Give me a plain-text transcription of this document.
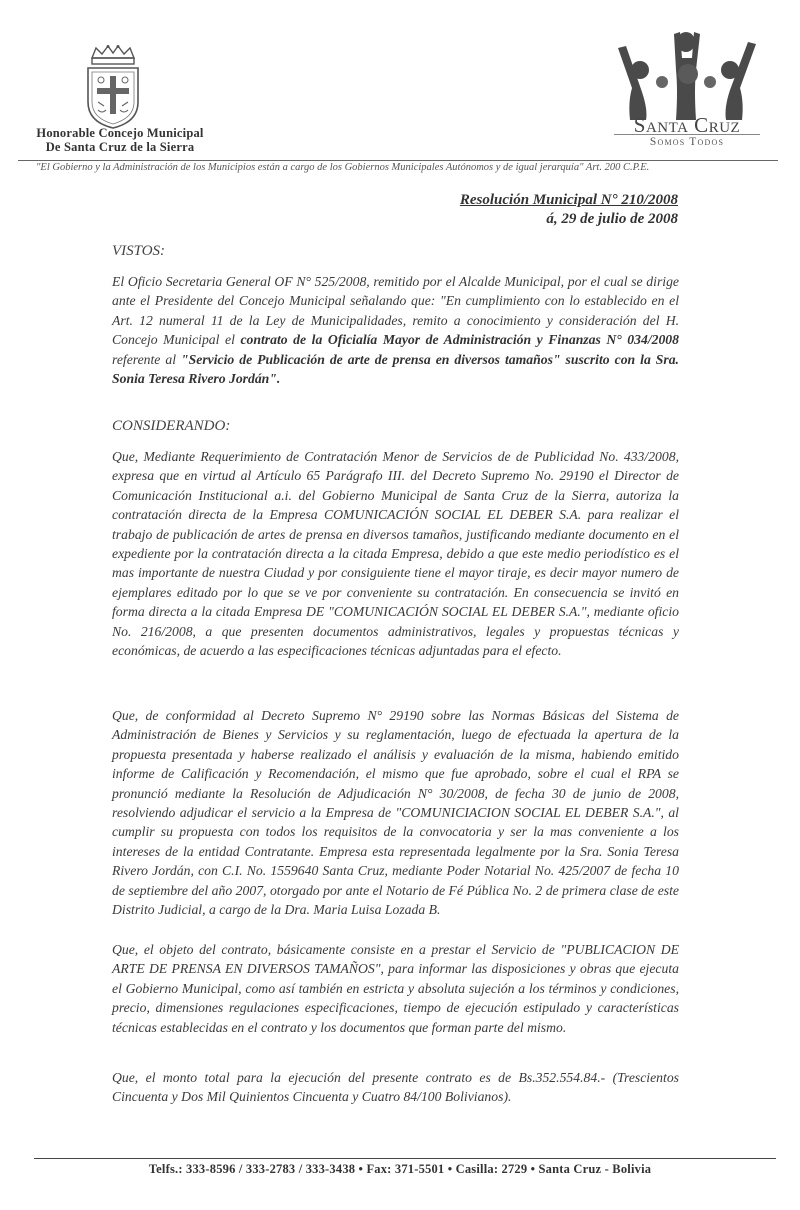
Honorable Concejo Municipal
De Santa Cruz de la Sierra
Santa Cruz
Somos Todos
"El Gobierno y la Administración de los Municipios están a cargo de los Gobiernos Municipales Autónomos y de igual jerarquía" Art. 200 C.P.E.
Resolución Municipal N° 210/2008
á, 29 de julio de 2008
VISTOS:

El Oficio Secretaria General OF N° 525/2008, remitido por el Alcalde Municipal, por el cual se dirige ante el Presidente del Concejo Municipal señalando que: "En cumplimiento con lo establecido en el Art. 12 numeral 11 de la Ley de Municipalidades, remito a conocimiento y consideración del H. Concejo Municipal el contrato de la Oficialía Mayor de Administración y Finanzas N° 034/2008 referente al "Servicio de Publicación de arte de prensa en diversos tamaños" suscrito con la Sra. Sonia Teresa Rivero Jordán".

CONSIDERANDO:

Que, Mediante Requerimiento de Contratación Menor de Servicios de de Publicidad No. 433/2008, expresa que en virtud al Artículo 65 Parágrafo III. del Decreto Supremo No. 29190 el Director de Comunicación Institucional a.i. del Gobierno Municipal de Santa Cruz de la Sierra, autoriza la contratación directa de la Empresa COMUNICACIÓN SOCIAL EL DEBER S.A. para realizar el trabajo de publicación de artes de prensa en diversos tamaños, justificando mediante documento en el expediente por la contratación directa a la citada Empresa, debido a que este medio periodístico es el mas importante de nuestra Ciudad y por consiguiente tiene el mayor tiraje, es decir mayor numero de ejemplares editado por lo que se ve por conveniente su contratación. En consecuencia se invitó en forma directa a la citada Empresa DE "COMUNICACIÓN SOCIAL EL DEBER S.A.", mediante oficio No. 216/2008, a que presenten documentos administrativos, legales y propuestas técnicas y económicas, de acuerdo a las especificaciones técnicas adjuntadas para el efecto.

Que, de conformidad al Decreto Supremo N° 29190 sobre las Normas Básicas del Sistema de Administración de Bienes y Servicios y su reglamentación, luego de efectuada la apertura de la propuesta presentada y haberse realizado el análisis y evaluación de la misma, habiendo emitido informe de Calificación y Recomendación, el mismo que fue aprobado, sobre el cual el RPA se pronunció mediante la Resolución de Adjudicación N° 30/2008, de fecha 30 de junio de 2008, resolviendo adjudicar el servicio a la Empresa de "COMUNICIACION SOCIAL EL DEBER S.A.", al cumplir su propuesta con todos los requisitos de la convocatoria y ser la mas conveniente a los intereses de la entidad Contratante. Empresa esta representada legalmente por la Sra. Sonia Teresa Rivero Jordán, con C.I. No. 1559640 Santa Cruz, mediante Poder Notarial No. 425/2007 de fecha 10 de septiembre del año 2007, otorgado por ante el Notario de Fé Pública No. 2 de primera clase de este Distrito Judicial, a cargo de la Dra. Maria Luisa Lozada B.

Que, el objeto del contrato, básicamente consiste en a prestar el Servicio de "PUBLICACION DE ARTE DE PRENSA EN DIVERSOS TAMAÑOS", para informar las disposiciones y obras que ejecuta el Gobierno Municipal, como así también en estricta y absoluta sujeción a los términos y condiciones, precio, dimensiones regulaciones especificaciones, tiempo de ejecución estipulado y características técnicas establecidas en el contrato y los documentos que forman parte del mismo.

Que, el monto total para la ejecución del presente contrato es de Bs.352.554.84.- (Trescientos Cincuenta y Dos Mil Quinientos Cincuenta y Cuatro 84/100 Bolivianos).

Telfs.: 333-8596 / 333-2783 / 333-3438 • Fax: 371-5501 • Casilla: 2729 • Santa Cruz - Bolivia
